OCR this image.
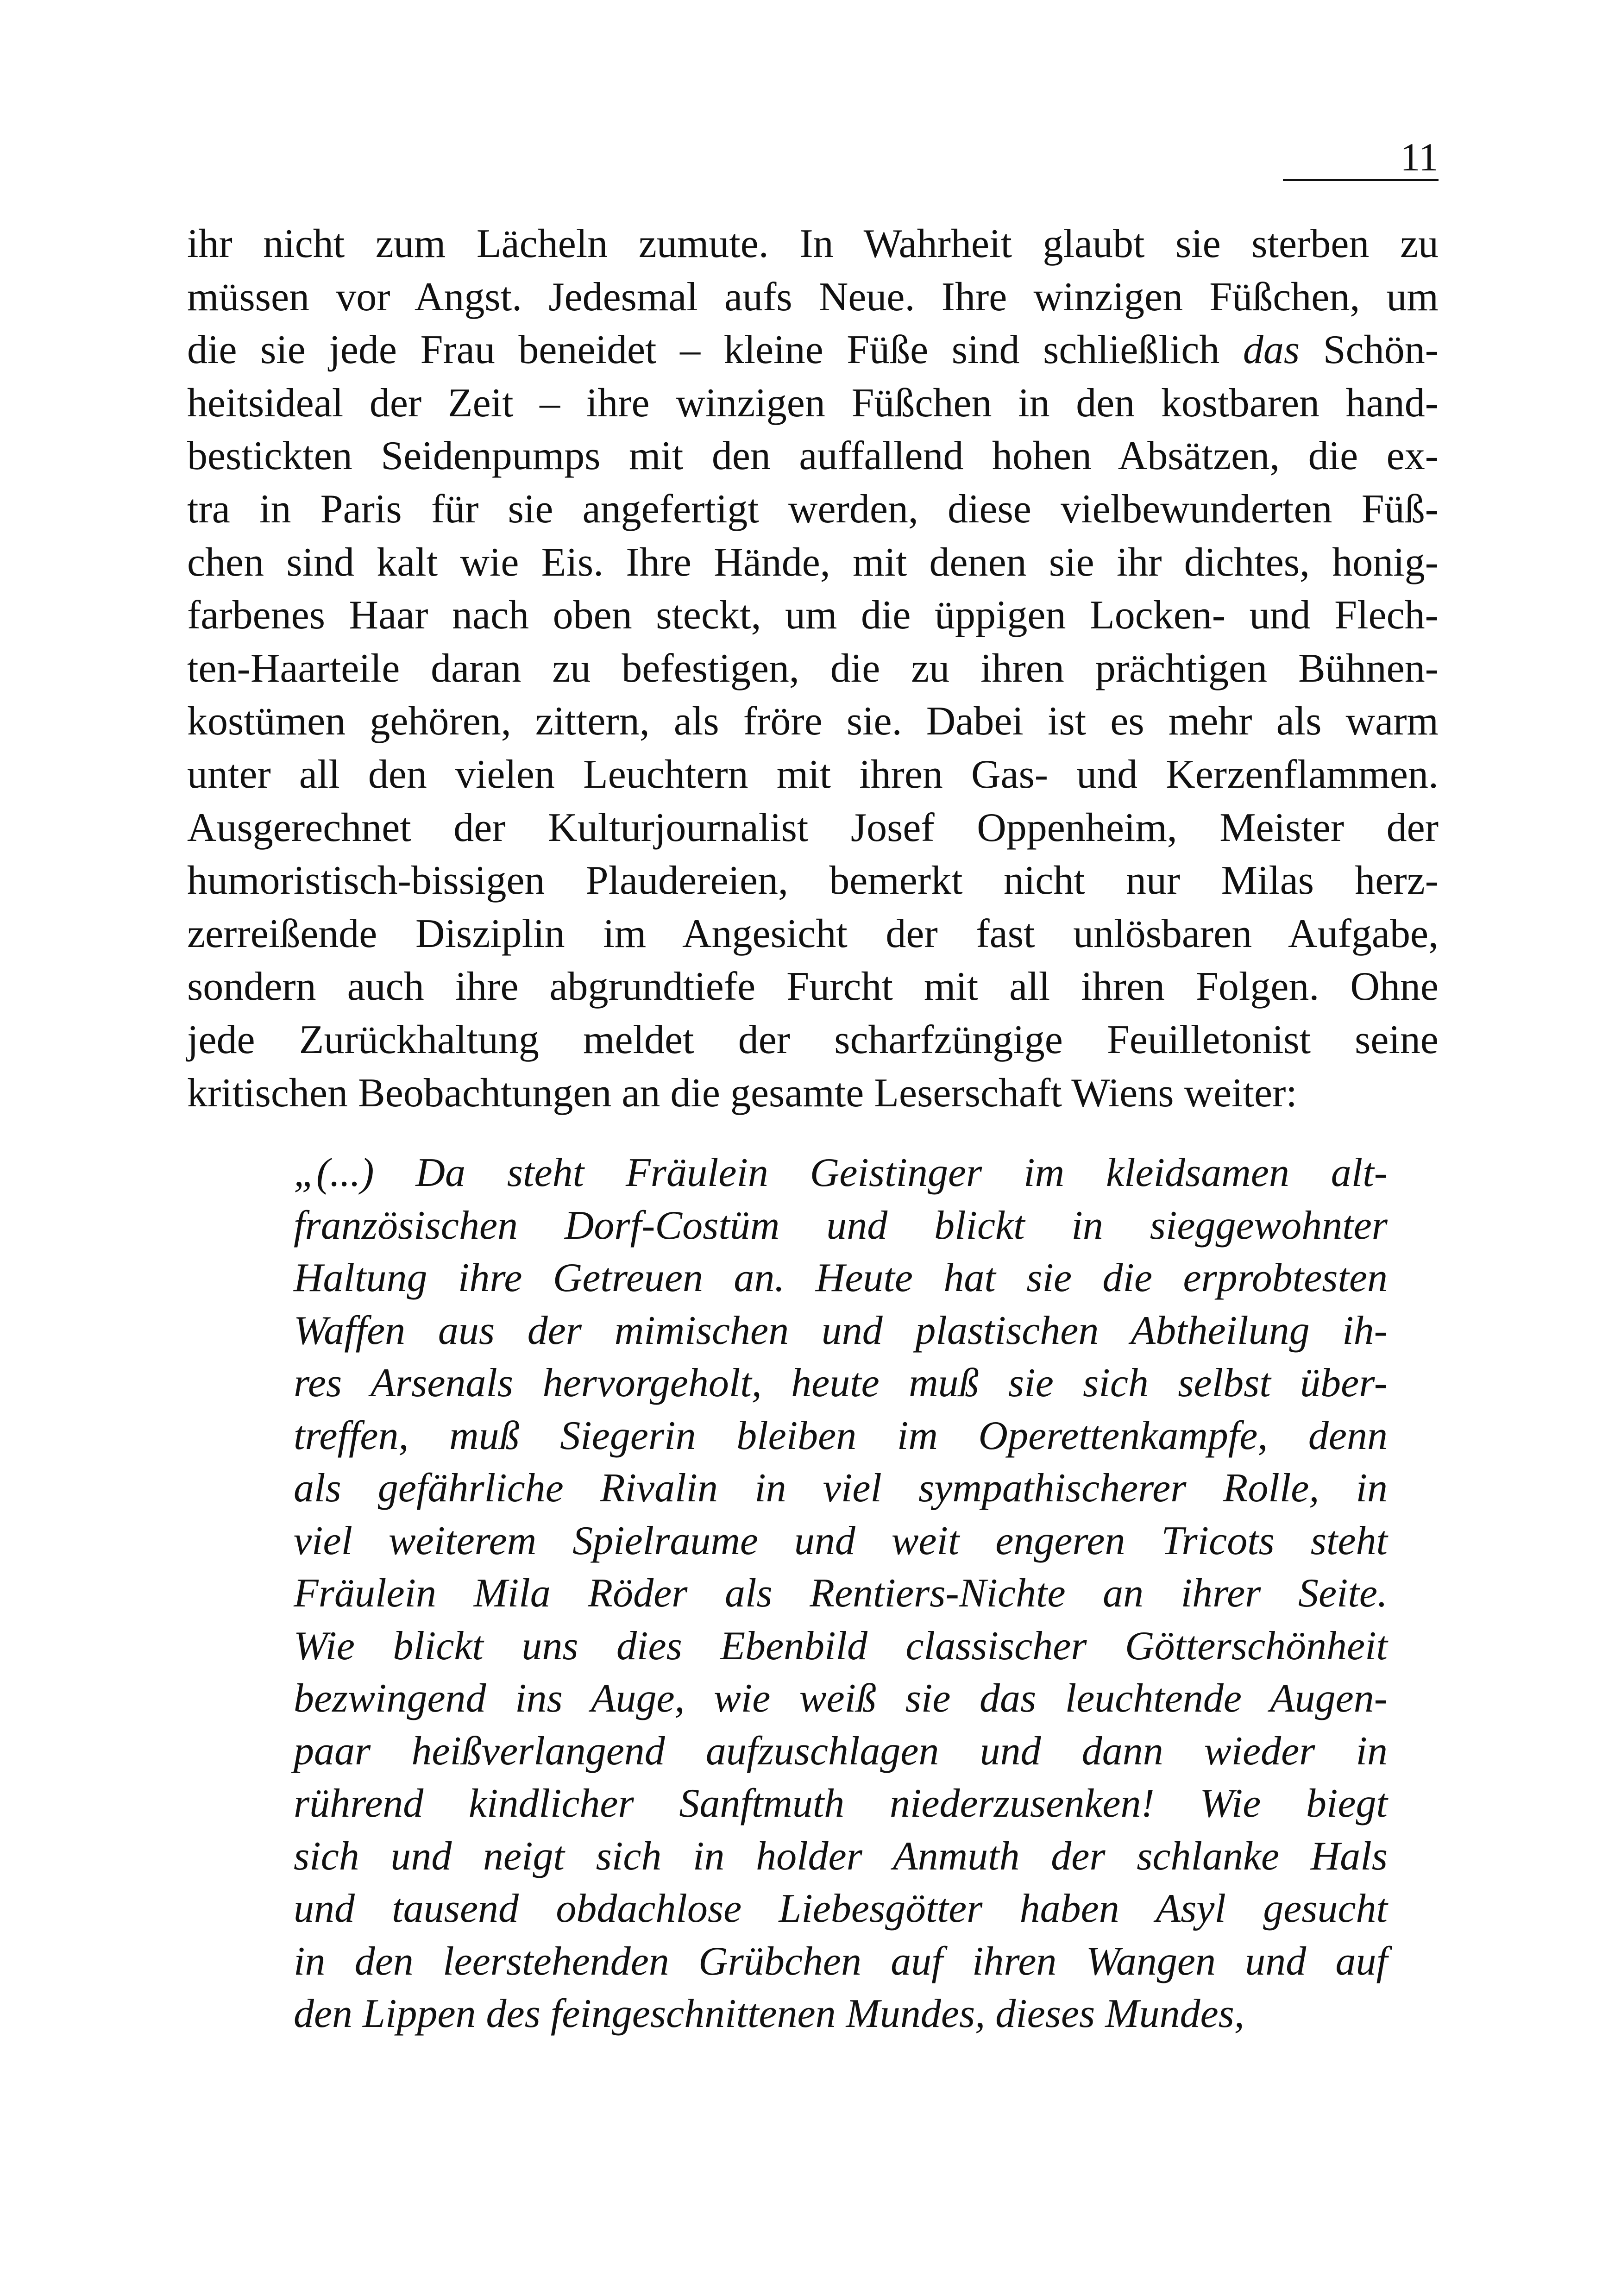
11
ihr nicht zum Lächeln zumute. In Wahrheit glaubt sie sterben zu
müssen vor Angst. Jedesmal aufs Neue. Ihre winzigen Füßchen, um
die sie jede Frau beneidet – kleine Füße sind schließlich das Schön-
heitsideal der Zeit – ihre winzigen Füßchen in den kostbaren hand-
bestickten Seidenpumps mit den auffallend hohen Absätzen, die ex-
tra in Paris für sie angefertigt werden, diese vielbewunderten Füß-
chen sind kalt wie Eis. Ihre Hände, mit denen sie ihr dichtes, honig-
farbenes Haar nach oben steckt, um die üppigen Locken- und Flech-
ten-Haarteile daran zu befestigen, die zu ihren prächtigen Bühnen-
kostümen gehören, zittern, als fröre sie. Dabei ist es mehr als warm
unter all den vielen Leuchtern mit ihren Gas- und Kerzenflammen.
Ausgerechnet der Kulturjournalist Josef Oppenheim, Meister der
humoristisch-bissigen Plaudereien, bemerkt nicht nur Milas herz-
zerreißende Disziplin im Angesicht der fast unlösbaren Aufgabe,
sondern auch ihre abgrundtiefe Furcht mit all ihren Folgen. Ohne
jede Zurückhaltung meldet der scharfzüngige Feuilletonist seine
kritischen Beobachtungen an die gesamte Leserschaft Wiens weiter:
„(...) Da steht Fräulein Geistinger im kleidsamen alt-
französischen Dorf-Costüm und blickt in sieggewohnter
Haltung ihre Getreuen an. Heute hat sie die erprobtesten
Waffen aus der mimischen und plastischen Abtheilung ih-
res Arsenals hervorgeholt, heute muß sie sich selbst über-
treffen, muß Siegerin bleiben im Operettenkampfe, denn
als gefährliche Rivalin in viel sympathischerer Rolle, in
viel weiterem Spielraume und weit engeren Tricots steht
Fräulein Mila Röder als Rentiers-Nichte an ihrer Seite.
Wie blickt uns dies Ebenbild classischer Götterschönheit
bezwingend ins Auge, wie weiß sie das leuchtende Augen-
paar heißverlangend aufzuschlagen und dann wieder in
rührend kindlicher Sanftmuth niederzusenken! Wie biegt
sich und neigt sich in holder Anmuth der schlanke Hals
und tausend obdachlose Liebesgötter haben Asyl gesucht
in den leerstehenden Grübchen auf ihren Wangen und auf
den Lippen des feingeschnittenen Mundes, dieses Mundes,
